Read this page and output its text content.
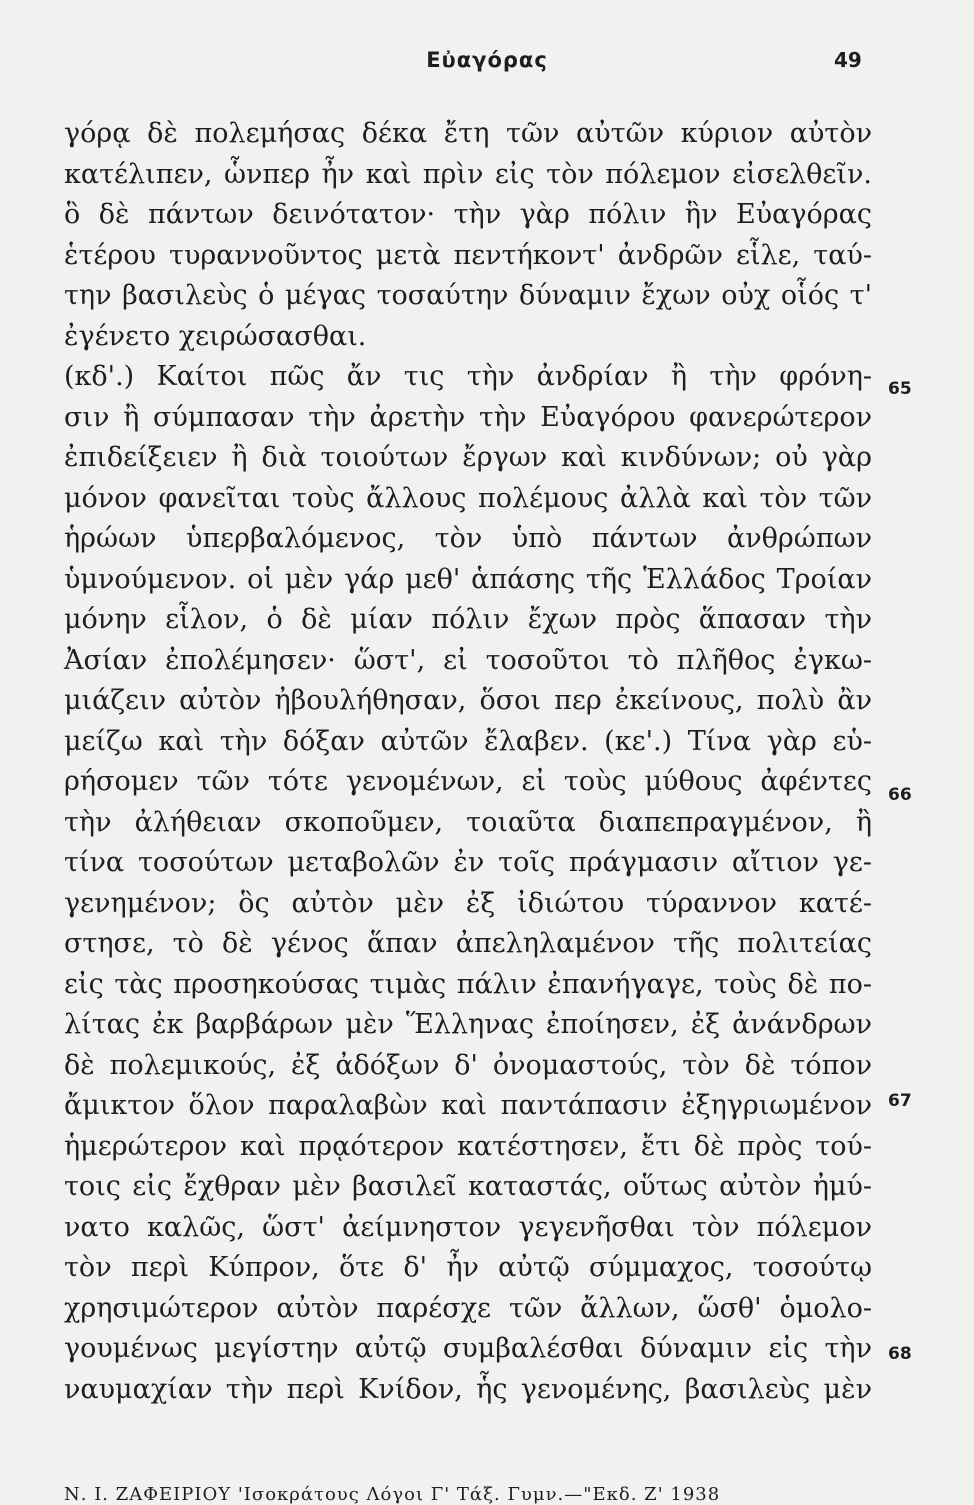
Εὐαγόρας	49
γόρᾳ δὲ πολεμήσας δέκα ἔτη τῶν αὐτῶν κύριον αὐτὸν
κατέλιπεν, ὧνπερ ἦν καὶ πρὶν εἰς τὸν πόλεμον εἰσελθεῖν.
ὃ δὲ πάντων δεινότατον· τὴν γὰρ πόλιν ἣν Εὐαγόρας
ἑτέρου τυραννοῦντος μετὰ πεντήκοντ' ἀνδρῶν εἷλε, ταύ-
την βασιλεὺς ὁ μέγας τοσαύτην δύναμιν ἔχων οὐχ οἷός τ'
ἐγένετο χειρώσασθαι.
(κδ'.) Καίτοι πῶς ἄν τις τὴν ἀνδρίαν ἢ τὴν φρόνη-
σιν ἢ σύμπασαν τὴν ἀρετὴν τὴν Εὐαγόρου φανερώτερον
ἐπιδείξειεν ἢ διὰ τοιούτων ἔργων καὶ κινδύνων; οὐ γὰρ
μόνον φανεῖται τοὺς ἄλλους πολέμους ἀλλὰ καὶ τὸν τῶν
ἡρώων ὑπερβαλόμενος, τὸν ὑπὸ πάντων ἀνθρώπων
ὑμνούμενον. οἱ μὲν γάρ μεθ' ἁπάσης τῆς Ἑλλάδος Τροίαν
μόνην εἷλον, ὁ δὲ μίαν πόλιν ἔχων πρὸς ἅπασαν τὴν
Ἀσίαν ἐπολέμησεν· ὥστ', εἰ τοσοῦτοι τὸ πλῆθος ἐγκω-
μιάζειν αὐτὸν ἠβουλήθησαν, ὅσοι περ ἐκείνους, πολὺ ἂν
μείζω καὶ τὴν δόξαν αὐτῶν ἔλαβεν. (κε'.) Τίνα γὰρ εὑ-
ρήσομεν τῶν τότε γενομένων, εἰ τοὺς μύθους ἀφέντες
τὴν ἀλήθειαν σκοποῦμεν, τοιαῦτα διαπεπραγμένον, ἢ
τίνα τοσούτων μεταβολῶν ἐν τοῖς πράγμασιν αἴτιον γε-
γενημένον; ὃς αὐτὸν μὲν ἐξ ἰδιώτου τύραννον κατέ-
στησε, τὸ δὲ γένος ἅπαν ἀπεληλαμένον τῆς πολιτείας
εἰς τὰς προσηκούσας τιμὰς πάλιν ἐπανήγαγε, τοὺς δὲ πο-
λίτας ἐκ βαρβάρων μὲν Ἕλληνας ἐποίησεν, ἐξ ἀνάνδρων
δὲ πολεμικούς, ἐξ ἀδόξων δ' ὀνομαστούς, τὸν δὲ τόπον
ἄμικτον ὅλον παραλαβὼν καὶ παντάπασιν ἐξηγριωμένον
ἡμερώτερον καὶ πρᾳότερον κατέστησεν, ἔτι δὲ πρὸς τού-
τοις εἰς ἔχθραν μὲν βασιλεῖ καταστάς, οὕτως αὐτὸν ἠμύ-
νατο καλῶς, ὥστ' ἀείμνηστον γεγενῆσθαι τὸν πόλεμον
τὸν περὶ Κύπρον, ὅτε δ' ἦν αὐτῷ σύμμαχος, τοσούτῳ
χρησιμώτερον αὐτὸν παρέσχε τῶν ἄλλων, ὥσθ' ὁμολο-
γουμένως μεγίστην αὐτῷ συμβαλέσθαι δύναμιν εἰς τὴν
ναυμαχίαν τὴν περὶ Κνίδον, ἧς γενομένης, βασιλεὺς μὲν
65
66
67
68
Ν. Ι. ΖΑΦΕΙΡΙΟΥ 'Ισοκράτους Λόγοι Γ' Τάξ. Γυμν.—"Εκδ. Ζ' 1938
